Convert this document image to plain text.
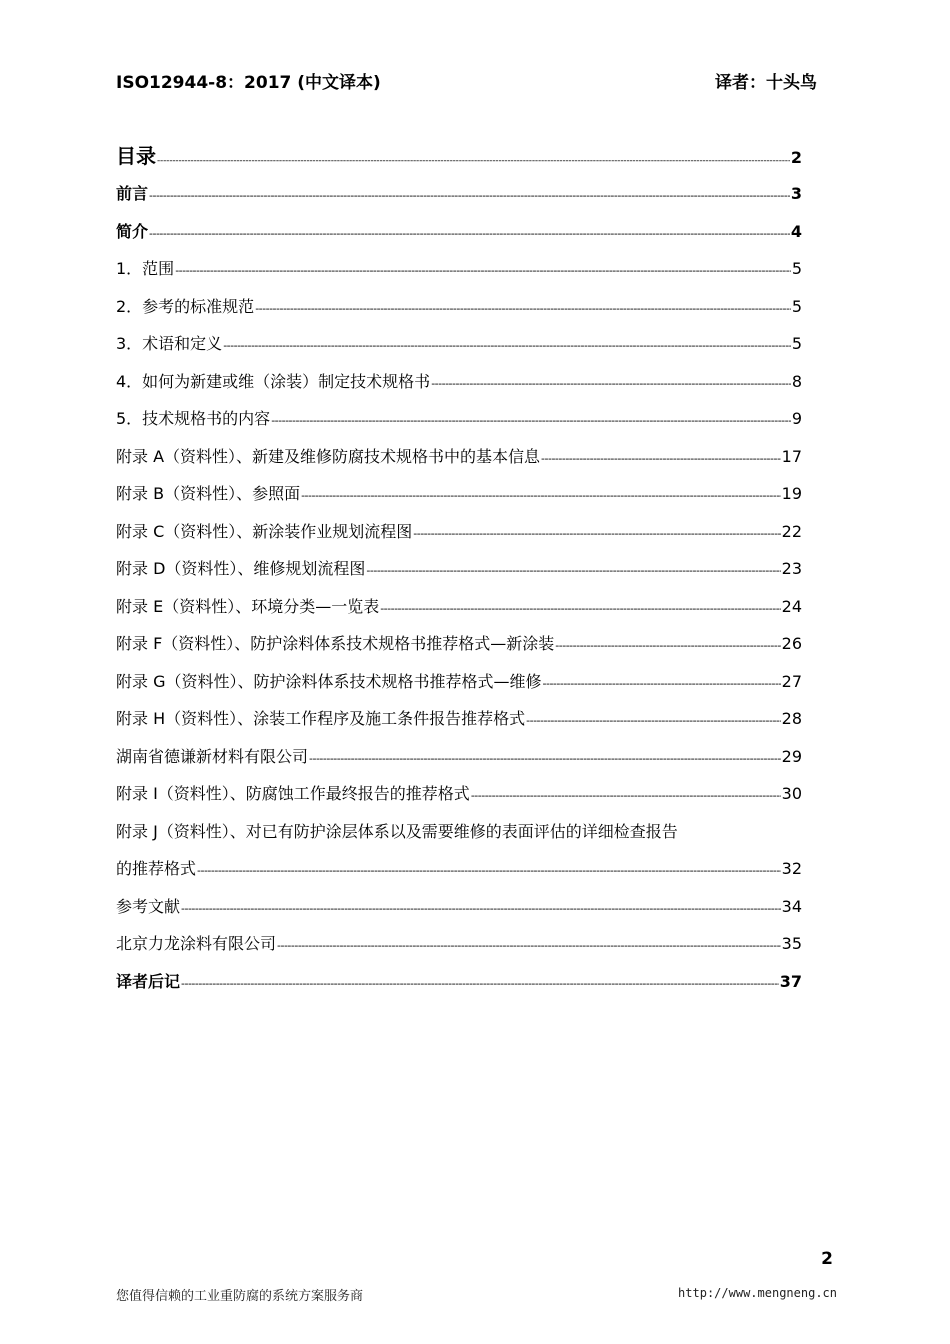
ISO12944-8：2017 (中文译本)	译者：十头鸟
目录 -----	2
前言 -----	3
简介 -----	4
1．范围 -----	5
2．参考的标准规范 -----	5
3．术语和定义 -----	5
4．如何为新建或维（涂装）制定技术规格书 -----	8
5．技术规格书的内容 -----	9
附录 A（资料性）、新建及维修防腐技术规格书中的基本信息 -----	17
附录 B（资料性）、参照面 -----	19
附录 C（资料性）、新涂装作业规划流程图 -----	22
附录 D（资料性）、维修规划流程图 -----	23
附录 E（资料性）、环境分类—一览表 -----	24
附录 F（资料性）、防护涂料体系技术规格书推荐格式—新涂装 -----	26
附录 G（资料性）、防护涂料体系技术规格书推荐格式—维修 -----	27
附录 H（资料性）、涂装工作程序及施工条件报告推荐格式 -----	28
湖南省德谦新材料有限公司 -----	29
附录 I（资料性）、防腐蚀工作最终报告的推荐格式 -----	30
附录 J（资料性）、对已有防护涂层体系以及需要维修的表面评估的详细检查报告
的推荐格式 -----	32
参考文献 -----	34
北京力龙涂料有限公司 -----	35
译者后记 -----	37
2
您值得信赖的工业重防腐的系统方案服务商	http://www.mengneng.cn
